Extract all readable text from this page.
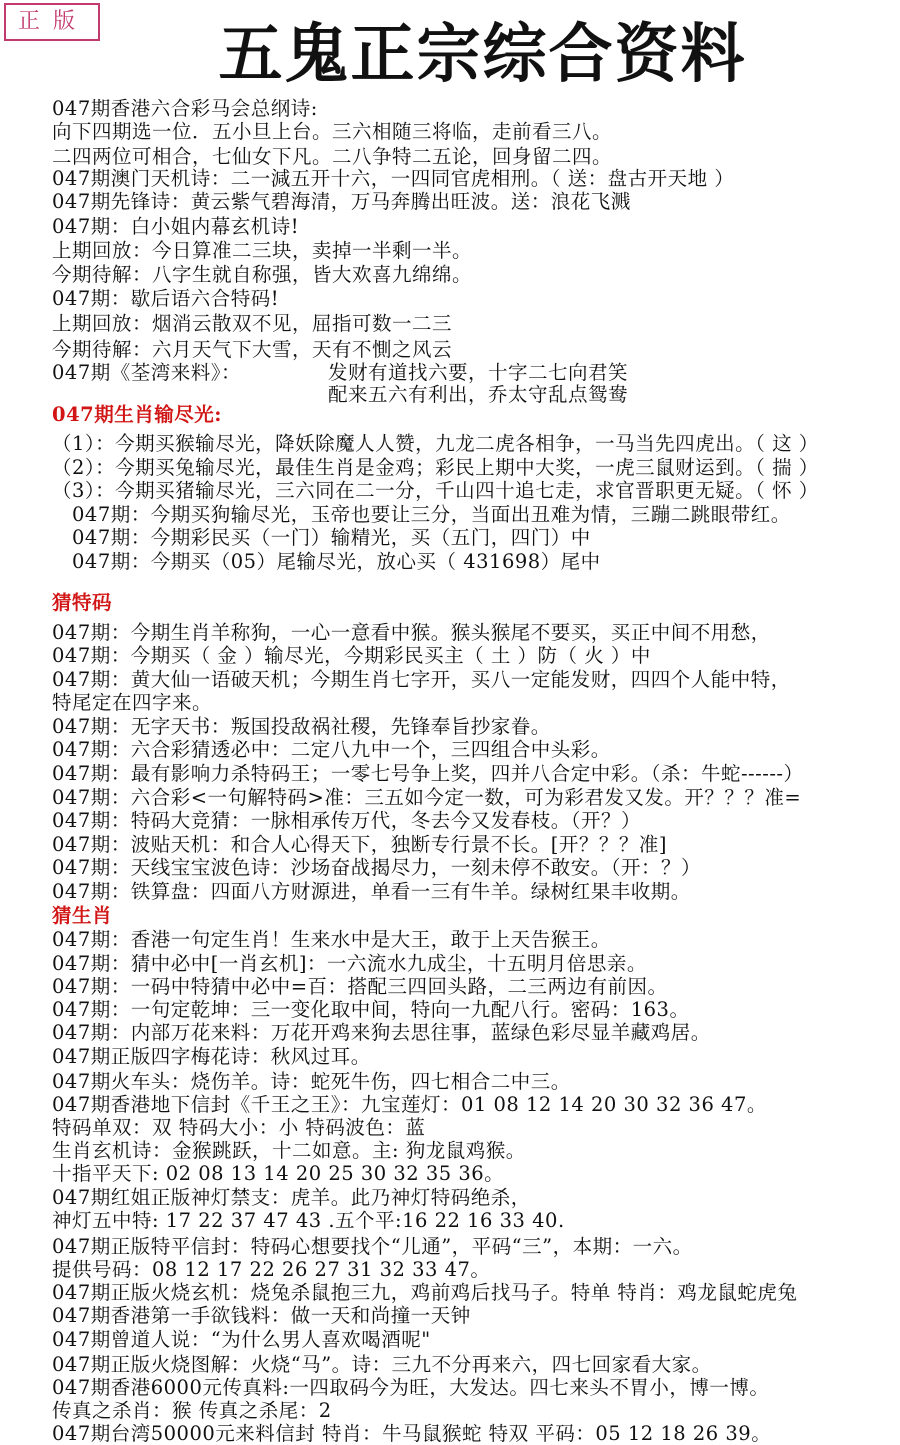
正 版	五鬼正宗综合资料
047期香港六合彩马会总纲诗:
向下四期选一位．五小旦上台。三六相随三将临，走前看三八。
二四两位可相合，七仙女下凡。二八争特二五论，回身留二四。
047期澳门天机诗：二一減五开十六，一四同官虎相刑。（ 送：盘古开天地 ）
047期先锋诗：黄云紫气碧海清，万马奔腾出旺波。送：浪花飞溅
047期：白小姐内幕玄机诗!
上期回放：今日算准二三块，卖掉一半剩一半。
今期待解：八字生就自称强，皆大欢喜九绵绵。
047期：歇后语六合特码!
上期回放：烟消云散双不见，屈指可数一二三
今期待解：六月天气下大雪，天有不惻之风云
047期《荃湾来料》：	发财有道找六要，十字二七向君笑
配来五六有利出，乔太守乱点鸳鸯
047期生肖输尽光:
（1）：今期买猴输尽光，降妖除魔人人赞，九龙二虎各相争，一马当先四虎出。（ 这 ）
（2）：今期买兔输尽光，最佳生肖是金鸡；彩民上期中大奖，一虎三鼠财运到。（ 揣 ）
（3）：今期买猪输尽光，三六同在二一分，千山四十追七走，求官晋职更无疑。（ 怀 ）
047期：今期买狗输尽光，玉帝也要让三分，当面出丑难为情，三蹦二跳眼带红。
047期：今期彩民买（一门）输精光，买（五门，四门）中
047期：今期买（05）尾输尽光，放心买（ 431698）尾中
猜特码
047期：今期生肖羊称狗，一心一意看中猴。猴头猴尾不要买，买正中间不用愁，
047期：今期买（ 金 ）输尽光，今期彩民买主（ 土 ）防（ 火 ）中
047期：黄大仙一语破天机；今期生肖七字开，买八一定能发财，四四个人能中特，
特尾定在四字来。
047期：无字天书：叛国投敌祸社稷，先锋奉旨抄家眷。
047期：六合彩猜透必中：二定八九中一个，三四组合中头彩。
047期：最有影响力杀特码王；一零七号争上奖，四并八合定中彩。（杀：牛蛇------）
047期：六合彩<一句解特码>准：三五如今定一数，可为彩君发又发。开？？？准=
047期：特码大竞猜：一脉相承传万代，冬去今又发春枝。（开？）
047期：波贴天机：和合人心得天下，独断专行景不长。[开？？？准]
047期：天线宝宝波色诗：沙场奋战揭尽力，一刻未停不敢安。（开：？）
047期：铁算盘：四面八方财源进，单看一三有牛羊。绿树红果丰收期。
猜生肖
047期：香港一句定生肖！生来水中是大王，敢于上天告猴王。
047期：猜中必中[一肖玄机]：一六流水九成尘，十五明月倍思亲。
047期：一码中特猜中必中=百：搭配三四回头路，二三两边有前因。
047期：一句定乾坤：三一变化取中间，特向一九配八行。密码：163。
047期：内部万花来料：万花开鸡来狗去思往事，蓝绿色彩尽显羊藏鸡居。
047期正版四字梅花诗：秋风过耳。
047期火车头：烧伤羊。诗：蛇死牛伤，四七相合二中三。
047期香港地下信封《千王之王》：九宝莲灯：01 08 12 14 20 30 32 36 47。
特码单双：双 特码大小：小 特码波色：蓝
生肖玄机诗：金猴跳跃，十二如意。主: 狗龙鼠鸡猴。
十指平天下: 02 08 13 14 20 25 30 32 35 36。
047期红姐正版神灯禁支：虎羊。此乃神灯特码绝杀，
神灯五中特: 17 22 37 47 43 .五个平:16 22 16 33 40.
047期正版特平信封：特码心想要找个“儿通”，平码“三”，本期：一六。
提供号码：08 12 17 22 26 27 31 32 33 47。
047期正版火烧玄机：烧兔杀鼠抱三九，鸡前鸡后找马子。特单 特肖：鸡龙鼠蛇虎兔
047期香港第一手欲钱料：做一天和尚撞一天钟
047期曾道人说：“为什么男人喜欢喝酒呢"
047期正版火烧图解：火烧“马”。诗：三九不分再来六，四七回家看大家。
047期香港6000元传真料:一四取码今为旺，大发达。四七来头不胃小，博一博。
传真之杀肖：猴 传真之杀尾：2
047期台湾50000元来料信封 特肖：牛马鼠猴蛇 特双 平码：05 12 18 26 39。
